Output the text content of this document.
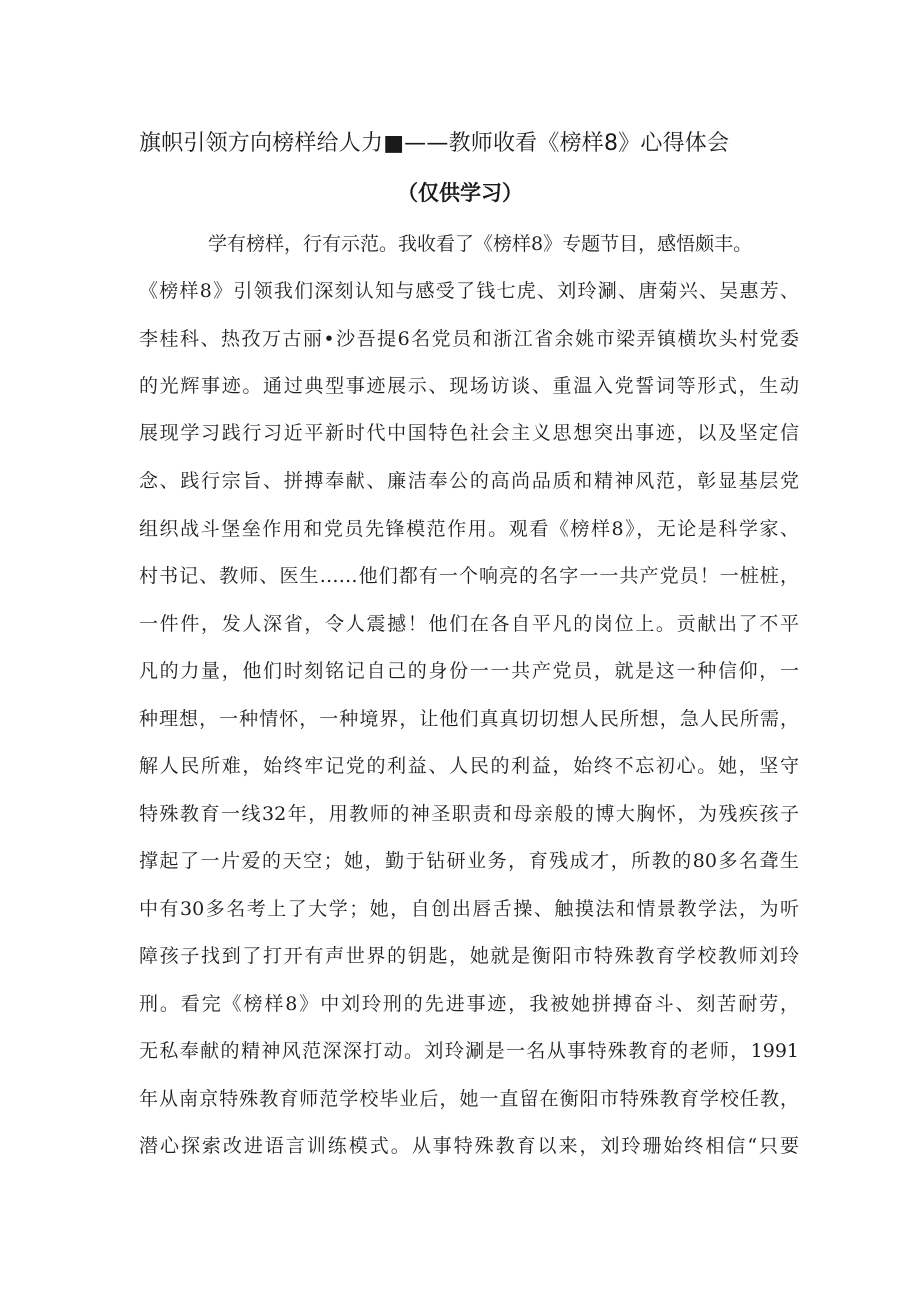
旗帜引领方向榜样给人力■——教师收看《榜样8》心得体会
（仅供学习）
学有榜样，行有示范。我收看了《榜样8》专题节目，感悟颇丰。
《榜样8》引领我们深刻认知与感受了钱七虎、刘玲涮、唐菊兴、吴惠芳、
李桂科、热孜万古丽•沙吾提6名党员和浙江省余姚市梁弄镇横坎头村党委
的光辉事迹。通过典型事迹展示、现场访谈、重温入党誓词等形式，生动
展现学习践行习近平新时代中国特色社会主义思想突出事迹，以及坚定信
念、践行宗旨、拼搏奉献、廉洁奉公的高尚品质和精神风范，彰显基层党
组织战斗堡垒作用和党员先锋模范作用。观看《榜样8》，无论是科学家、
村书记、教师、医生……他们都有一个响亮的名字一一共产党员！一桩桩，
一件件，发人深省，令人震撼！他们在各自平凡的岗位上。贡献出了不平
凡的力量，他们时刻铭记自己的身份一一共产党员，就是这一种信仰，一
种理想，一种情怀，一种境界，让他们真真切切想人民所想，急人民所需，
解人民所难，始终牢记党的利益、人民的利益，始终不忘初心。她，坚守
特殊教育一线32年，用教师的神圣职责和母亲般的博大胸怀，为残疾孩子
撑起了一片爱的天空；她，勤于钻研业务，育残成才，所教的80多名聋生
中有30多名考上了大学；她，自创出唇舌操、触摸法和情景教学法，为听
障孩子找到了打开有声世界的钥匙，她就是衡阳市特殊教育学校教师刘玲
刑。看完《榜样8》中刘玲刑的先进事迹，我被她拼搏奋斗、刻苦耐劳，
无私奉献的精神风范深深打动。刘玲涮是一名从事特殊教育的老师，1991
年从南京特殊教育师范学校毕业后，她一直留在衡阳市特殊教育学校任教，
潜心探索改进语言训练模式。从事特殊教育以来，刘玲珊始终相信“只要
